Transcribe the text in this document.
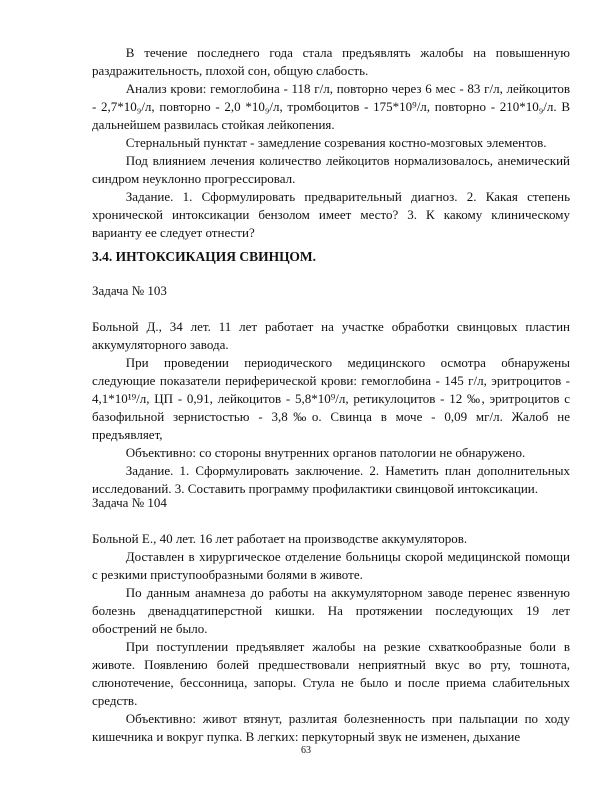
В течение последнего года стала предъявлять жалобы на повышенную раздражительность, плохой сон, общую слабость.

Анализ крови: гемоглобина - 118 г/л, повторно через 6 мес - 83 г/л, лейкоцитов - 2,7*10₉/л, повторно - 2,0 *10₉/л, тромбоцитов - 175*10⁹/л, повторно - 210*10₉/л. В дальнейшем развилась стойкая лейкопения.

Стернальный пунктат - замедление созревания костно-мозговых элементов.

Под влиянием лечения количество лейкоцитов нормализовалось, анемический синдром неуклонно прогрессировал.

Задание. 1. Сформулировать предварительный диагноз. 2. Какая степень хронической интоксикации бензолом имеет место? 3. К какому клиническому варианту ее следует отнести?

3.4. ИНТОКСИКАЦИЯ СВИНЦОМ.

Задача № 103

Больной Д., 34 лет. 11 лет работает на участке обработки свинцовых пластин аккумуляторного завода.

При проведении периодического медицинского осмотра обнаружены следующие показатели периферической крови: гемоглобина - 145 г/л, эритроцитов - 4,1*10¹⁹/л, ЦП - 0,91, лейкоцитов - 5,8*10⁹/л, ретикулоцитов - 12 ‰, эритроцитов с базофильной зернистостью - 3,8‰о. Свинца в моче - 0,09 мг/л. Жалоб не предъявляет,

Объективно: со стороны внутренних органов патологии не обнаружено.

Задание. 1. Сформулировать заключение. 2. Наметить план дополнительных исследований. 3. Составить программу профилактики свинцовой интоксикации.

Задача № 104

Больной Е., 40 лет. 16 лет работает на производстве аккумуляторов.

Доставлен в хирургическое отделение больницы скорой медицинской помощи с резкими приступообразными болями в животе.

По данным анамнеза до работы на аккумуляторном заводе перенес язвенную болезнь двенадцатиперстной кишки. На протяжении последующих 19 лет обострений не было.

При поступлении предъявляет жалобы на резкие схваткообразные боли в животе. Появлению болей предшествовали неприятный вкус во рту, тошнота, слюнотечение, бессонница, запоры. Стула не было и после приема слабительных средств.

Объективно: живот втянут, разлитая болезненность при пальпации по ходу кишечника и вокруг пупка. В легких: перкуторный звук не изменен, дыхание

63
